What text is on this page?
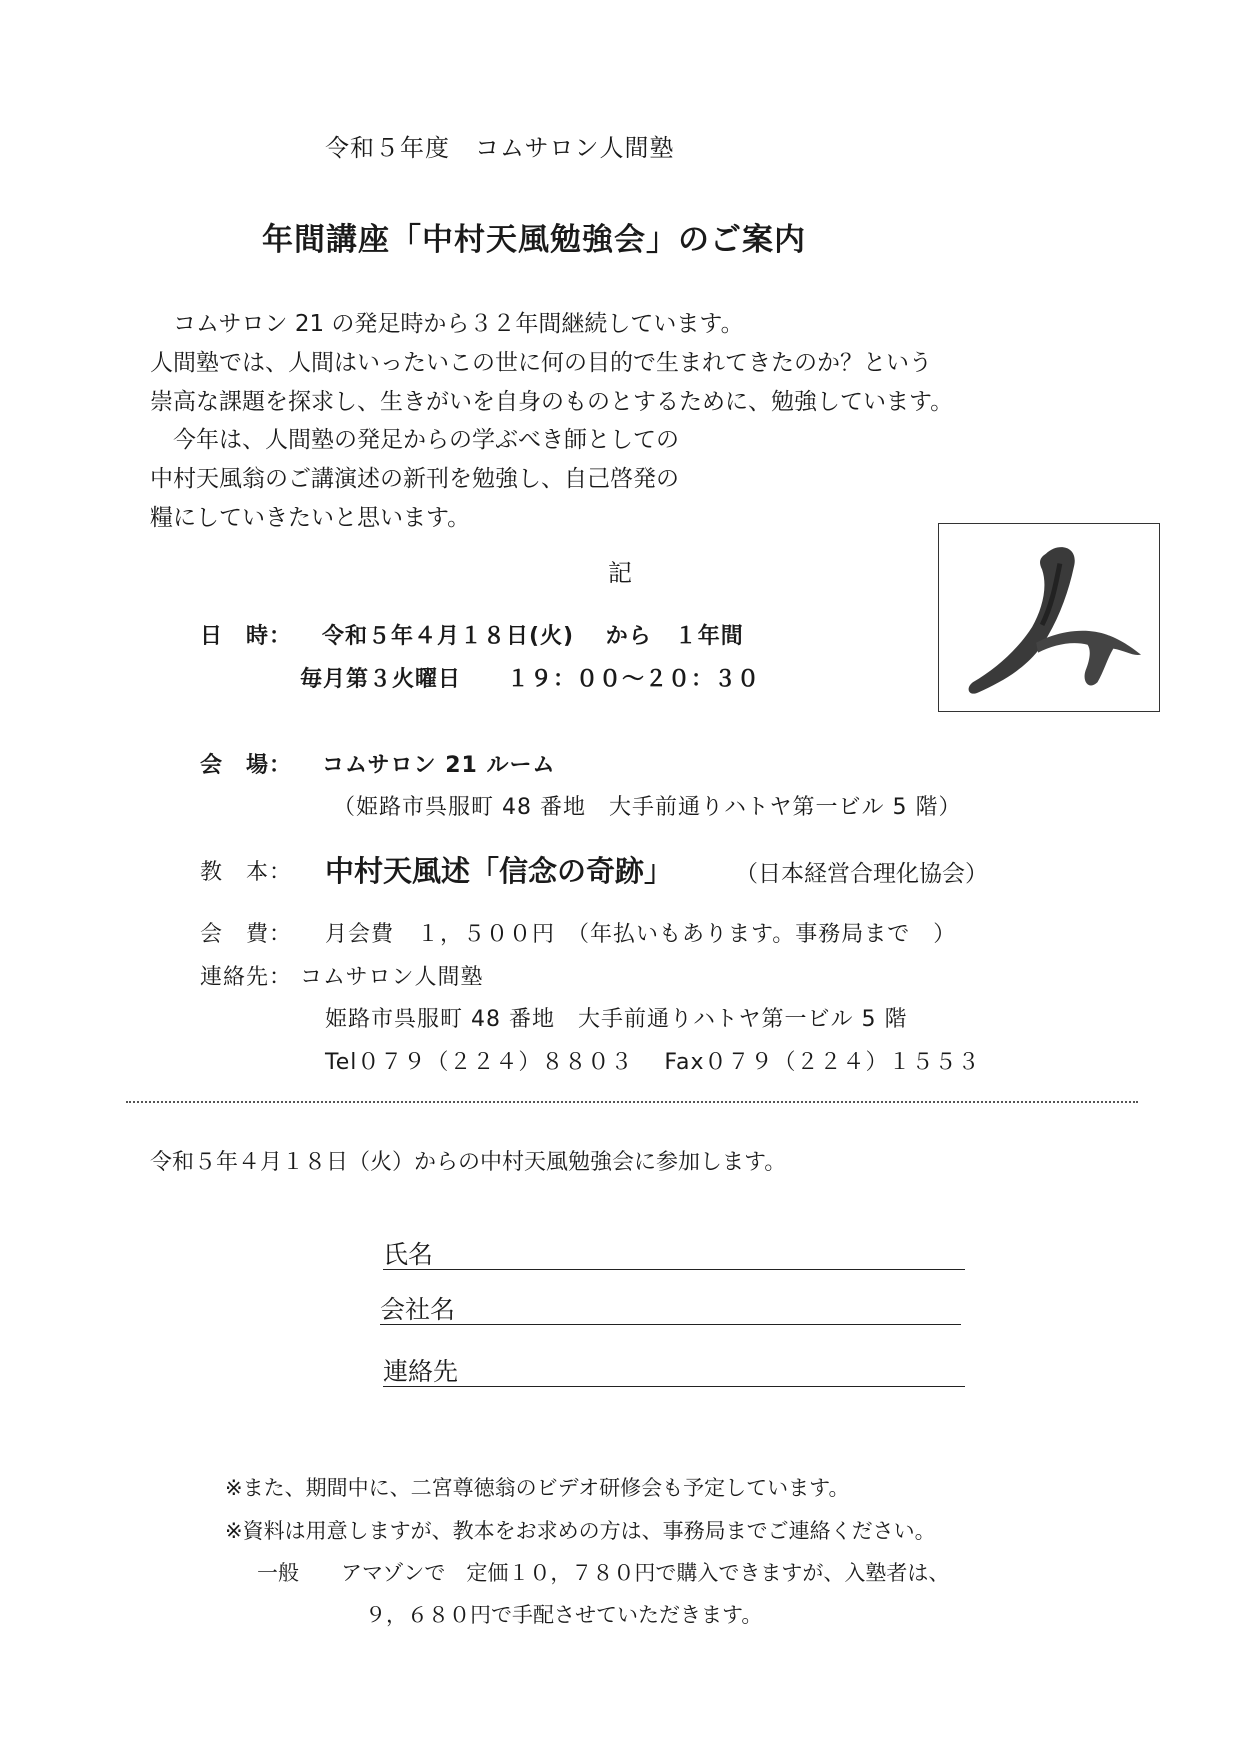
令和５年度　コムサロン人間塾
年間講座「中村天風勉強会」のご案内
　コムサロン 21 の発足時から３２年間継続しています。
人間塾では、人間はいったいこの世に何の目的で生まれてきたのか？という
崇高な課題を探求し、生きがいを自身のものとするために、勉強しています。
　今年は、人間塾の発足からの学ぶべき師としての
中村天風翁のご講演述の新刊を勉強し、自己啓発の
糧にしていきたいと思います。
記
日　時： 令和５年４月１８日(火)　 から　１年間
毎月第３火曜日　　１９：００～２０：３０
会　場： コムサロン 21 ルーム
（姫路市呉服町 48 番地　大手前通りハトヤ第一ビル 5 階）
教　本： 中村天風述「信念の奇跡」	（日本経営合理化協会）
会　費： 月会費　１，５００円　（年払いもあります。事務局まで　）
連絡先： コムサロン人間塾
姫路市呉服町 48 番地　大手前通りハトヤ第一ビル 5 階
Tel０７９（２２４）８８０３　 Fax０７９（２２４）１５５３
令和５年４月１８日（火）からの中村天風勉強会に参加します。
氏名
会社名
連絡先
※また、期間中に、二宮尊徳翁のビデオ研修会も予定しています。
※資料は用意しますが、教本をお求めの方は、事務局までご連絡ください。
一般　　アマゾンで　定価１０，７８０円で購入できますが、入塾者は、
９，６８０円で手配させていただきます。
